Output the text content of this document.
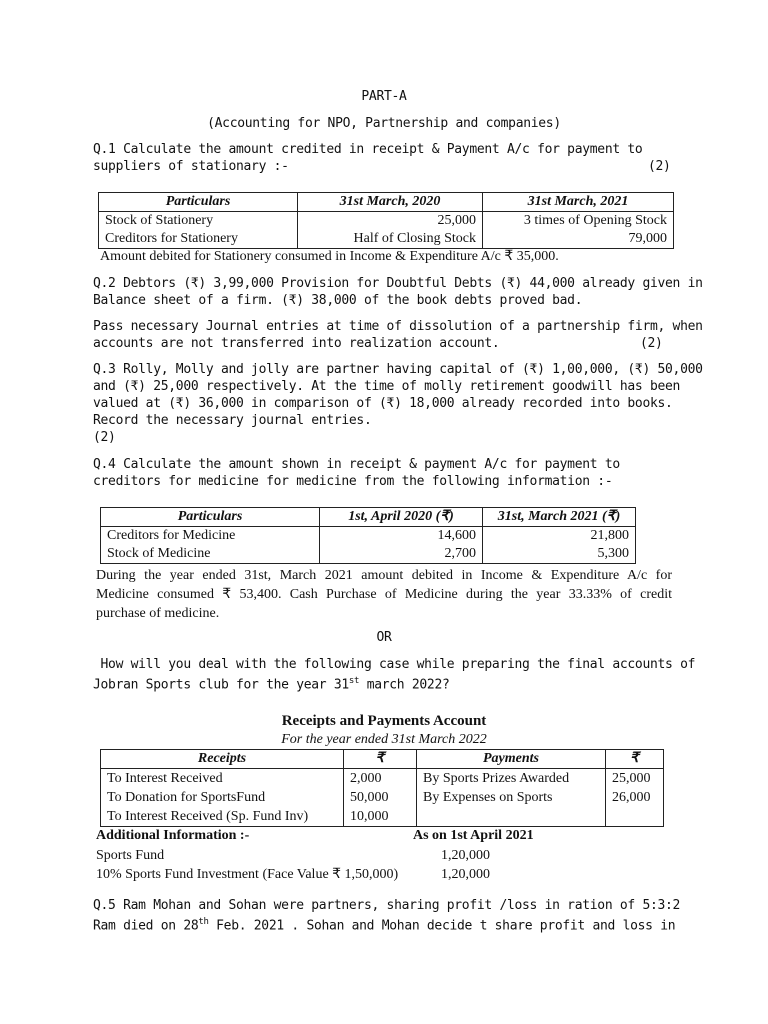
PART-A
(Accounting for NPO, Partnership and companies)
Q.1 Calculate the amount credited in receipt & Payment A/c for payment to
suppliers of stationary :-	(2)
Particulars	31st March, 2020	31st March, 2021
Stock of Stationery	25,000	3 times of Opening Stock
Creditors for Stationery	Half of Closing Stock	79,000
Amount debited for Stationery consumed in Income & Expenditure A/c ₹ 35,000.
Q.2 Debtors (₹) 3,99,000 Provision for Doubtful Debts (₹) 44,000 already given in
Balance sheet of a firm. (₹) 38,000 of the book debts proved bad.
Pass necessary Journal entries at time of dissolution of a partnership firm, when
accounts are not transferred into realization account.	(2)
Q.3 Rolly, Molly and jolly are partner having capital of (₹) 1,00,000, (₹) 50,000
and (₹) 25,000 respectively. At the time of molly retirement goodwill has been
valued at (₹) 36,000 in comparison of (₹) 18,000 already recorded into books.
Record the necessary journal entries.
(2)
Q.4 Calculate the amount shown in receipt & payment A/c for payment to
creditors for medicine for medicine from the following information :-
Particulars	1st, April 2020 (₹)	31st, March 2021 (₹)
Creditors for Medicine	14,600	21,800
Stock of Medicine	2,700	5,300
During the year ended 31st, March 2021 amount debited in Income & Expenditure A/c for
Medicine consumed ₹ 53,400. Cash Purchase of Medicine during the year 33.33% of credit
purchase of medicine.
OR
How will you deal with the following case while preparing the final accounts of
Jobran Sports club for the year 31st march 2022?
Receipts and Payments Account
For the year ended 31st March 2022
Receipts	₹	Payments	₹
To Interest Received	2,000	By Sports Prizes Awarded	25,000
To Donation for SportsFund	50,000	By Expenses on Sports	26,000
To Interest Received (Sp. Fund Inv)	10,000		
Additional Information :-	As on 1st April 2021
Sports Fund	1,20,000
10% Sports Fund Investment (Face Value ₹ 1,50,000)	1,20,000
Q.5 Ram Mohan and Sohan were partners, sharing profit /loss in ration of 5:3:2
Ram died on 28th Feb. 2021 . Sohan and Mohan decide t share profit and loss in
